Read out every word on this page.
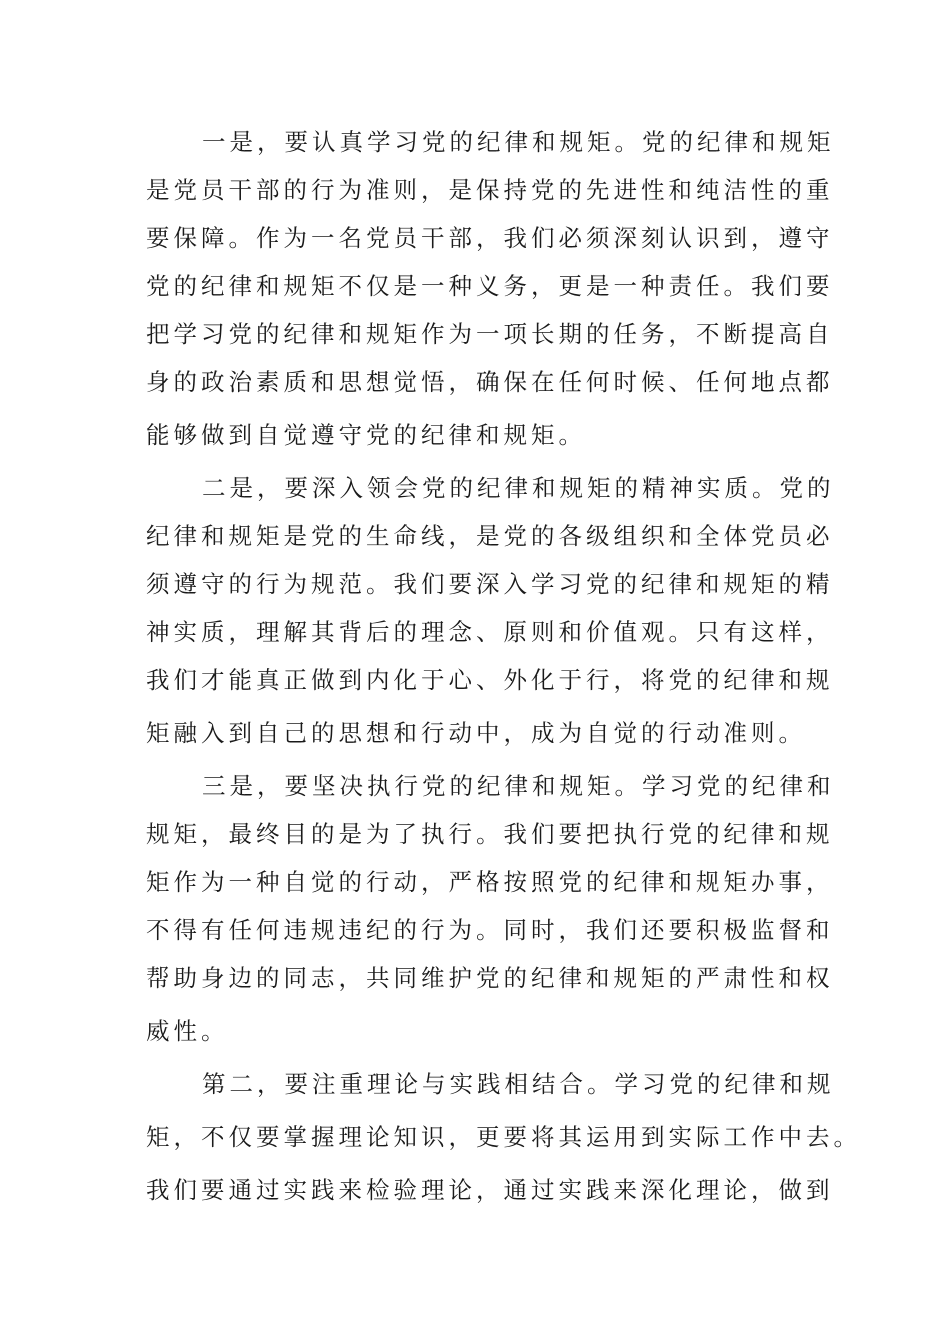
一是，要认真学习党的纪律和规矩。党的纪律和规矩
是党员干部的行为准则，是保持党的先进性和纯洁性的重
要保障。作为一名党员干部，我们必须深刻认识到，遵守
党的纪律和规矩不仅是一种义务，更是一种责任。我们要
把学习党的纪律和规矩作为一项长期的任务，不断提高自
身的政治素质和思想觉悟，确保在任何时候、任何地点都
能够做到自觉遵守党的纪律和规矩。
二是，要深入领会党的纪律和规矩的精神实质。党的
纪律和规矩是党的生命线，是党的各级组织和全体党员必
须遵守的行为规范。我们要深入学习党的纪律和规矩的精
神实质，理解其背后的理念、原则和价值观。只有这样，
我们才能真正做到内化于心、外化于行，将党的纪律和规
矩融入到自己的思想和行动中，成为自觉的行动准则。
三是，要坚决执行党的纪律和规矩。学习党的纪律和
规矩，最终目的是为了执行。我们要把执行党的纪律和规
矩作为一种自觉的行动，严格按照党的纪律和规矩办事，
不得有任何违规违纪的行为。同时，我们还要积极监督和
帮助身边的同志，共同维护党的纪律和规矩的严肃性和权
威性。
第二，要注重理论与实践相结合。学习党的纪律和规
矩，不仅要掌握理论知识，更要将其运用到实际工作中去。
我们要通过实践来检验理论，通过实践来深化理论，做到
